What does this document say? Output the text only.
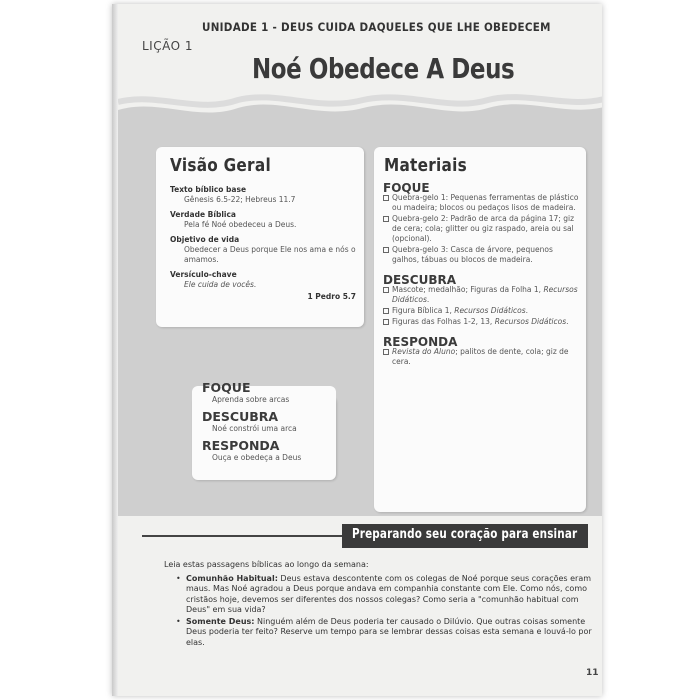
UNIDADE 1 - DEUS CUIDA DAQUELES QUE LHE OBEDECEM
LIÇÃO 1
Noé Obedece A Deus
Visão Geral
Texto bíblico base
Gênesis 6.5-22; Hebreus 11.7
Verdade Bíblica
Pela fé Noé obedeceu a Deus.
Objetivo de vida
Obedecer a Deus porque Ele nos ama e nós o amamos.
Versículo-chave
Ele cuida de vocês.
1 Pedro 5.7
FOQUE
Aprenda sobre arcas
DESCUBRA
Noé constrói uma arca
RESPONDA
Ouça e obedeça a Deus
Materiais
FOQUE
Quebra-gelo 1: Pequenas ferramentas de plástico ou madeira; blocos ou pedaços lisos de madeira.
Quebra-gelo 2: Padrão de arca da página 17; giz de cera; cola; glitter ou giz raspado, areia ou sal (opcional).
Quebra-gelo 3: Casca de árvore, pequenos galhos, tábuas ou blocos de madeira.
DESCUBRA
Mascote; medalhão; Figuras da Folha 1, Recursos Didáticos.
Figura Bíblica 1, Recursos Didáticos.
Figuras das Folhas 1-2, 13, Recursos Didáticos.
RESPONDA
Revista do Aluno; palitos de dente, cola; giz de cera.
Preparando seu coração para ensinar
Leia estas passagens bíblicas ao longo da semana:
• Comunhão Habitual: Deus estava descontente com os colegas de Noé porque seus corações eram maus. Mas Noé agradou a Deus porque andava em companhia constante com Ele. Como nós, como cristãos hoje, devemos ser diferentes dos nossos colegas? Como seria a "comunhão habitual com Deus" em sua vida?
• Somente Deus: Ninguém além de Deus poderia ter causado o Dilúvio. Que outras coisas somente Deus poderia ter feito? Reserve um tempo para se lembrar dessas coisas esta semana e louvá-lo por elas.
11
